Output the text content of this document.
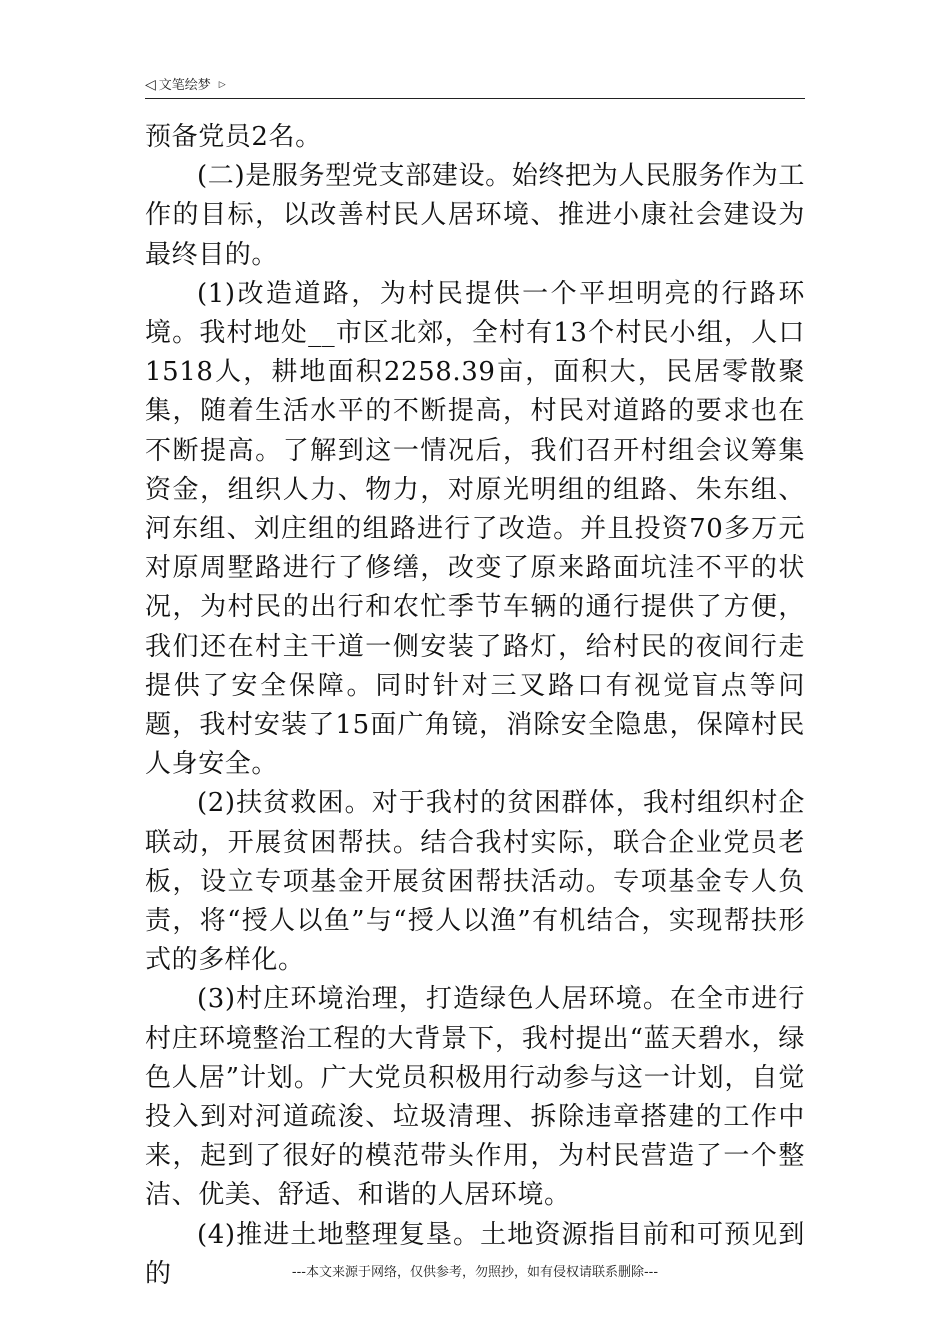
◁ 文笔绘梦 ▷

预备党员2名。

(二)是服务型党支部建设。始终把为人民服务作为工作的目标，以改善村民人居环境、推进小康社会建设为最终目的。

(1)改造道路，为村民提供一个平坦明亮的行路环境。我村地处__市区北郊，全村有13个村民小组，人口1518人，耕地面积2258.39亩，面积大，民居零散聚集，随着生活水平的不断提高，村民对道路的要求也在不断提高。了解到这一情况后，我们召开村组会议筹集资金，组织人力、物力，对原光明组的组路、朱东组、河东组、刘庄组的组路进行了改造。并且投资70多万元对原周墅路进行了修缮，改变了原来路面坑洼不平的状况，为村民的出行和农忙季节车辆的通行提供了方便，我们还在村主干道一侧安装了路灯，给村民的夜间行走提供了安全保障。同时针对三叉路口有视觉盲点等问题，我村安装了15面广角镜，消除安全隐患，保障村民人身安全。

(2)扶贫救困。对于我村的贫困群体，我村组织村企联动，开展贫困帮扶。结合我村实际，联合企业党员老板，设立专项基金开展贫困帮扶活动。专项基金专人负责，将“授人以鱼”与“授人以渔”有机结合，实现帮扶形式的多样化。

(3)村庄环境治理，打造绿色人居环境。在全市进行村庄环境整治工程的大背景下，我村提出“蓝天碧水，绿色人居”计划。广大党员积极用行动参与这一计划，自觉投入到对河道疏浚、垃圾清理、拆除违章搭建的工作中来，起到了很好的模范带头作用，为村民营造了一个整洁、优美、舒适、和谐的人居环境。

(4)推进土地整理复垦。土地资源指目前和可预见到的	---本文来源于网络，仅供参考，勿照抄，如有侵权请联系删除---
